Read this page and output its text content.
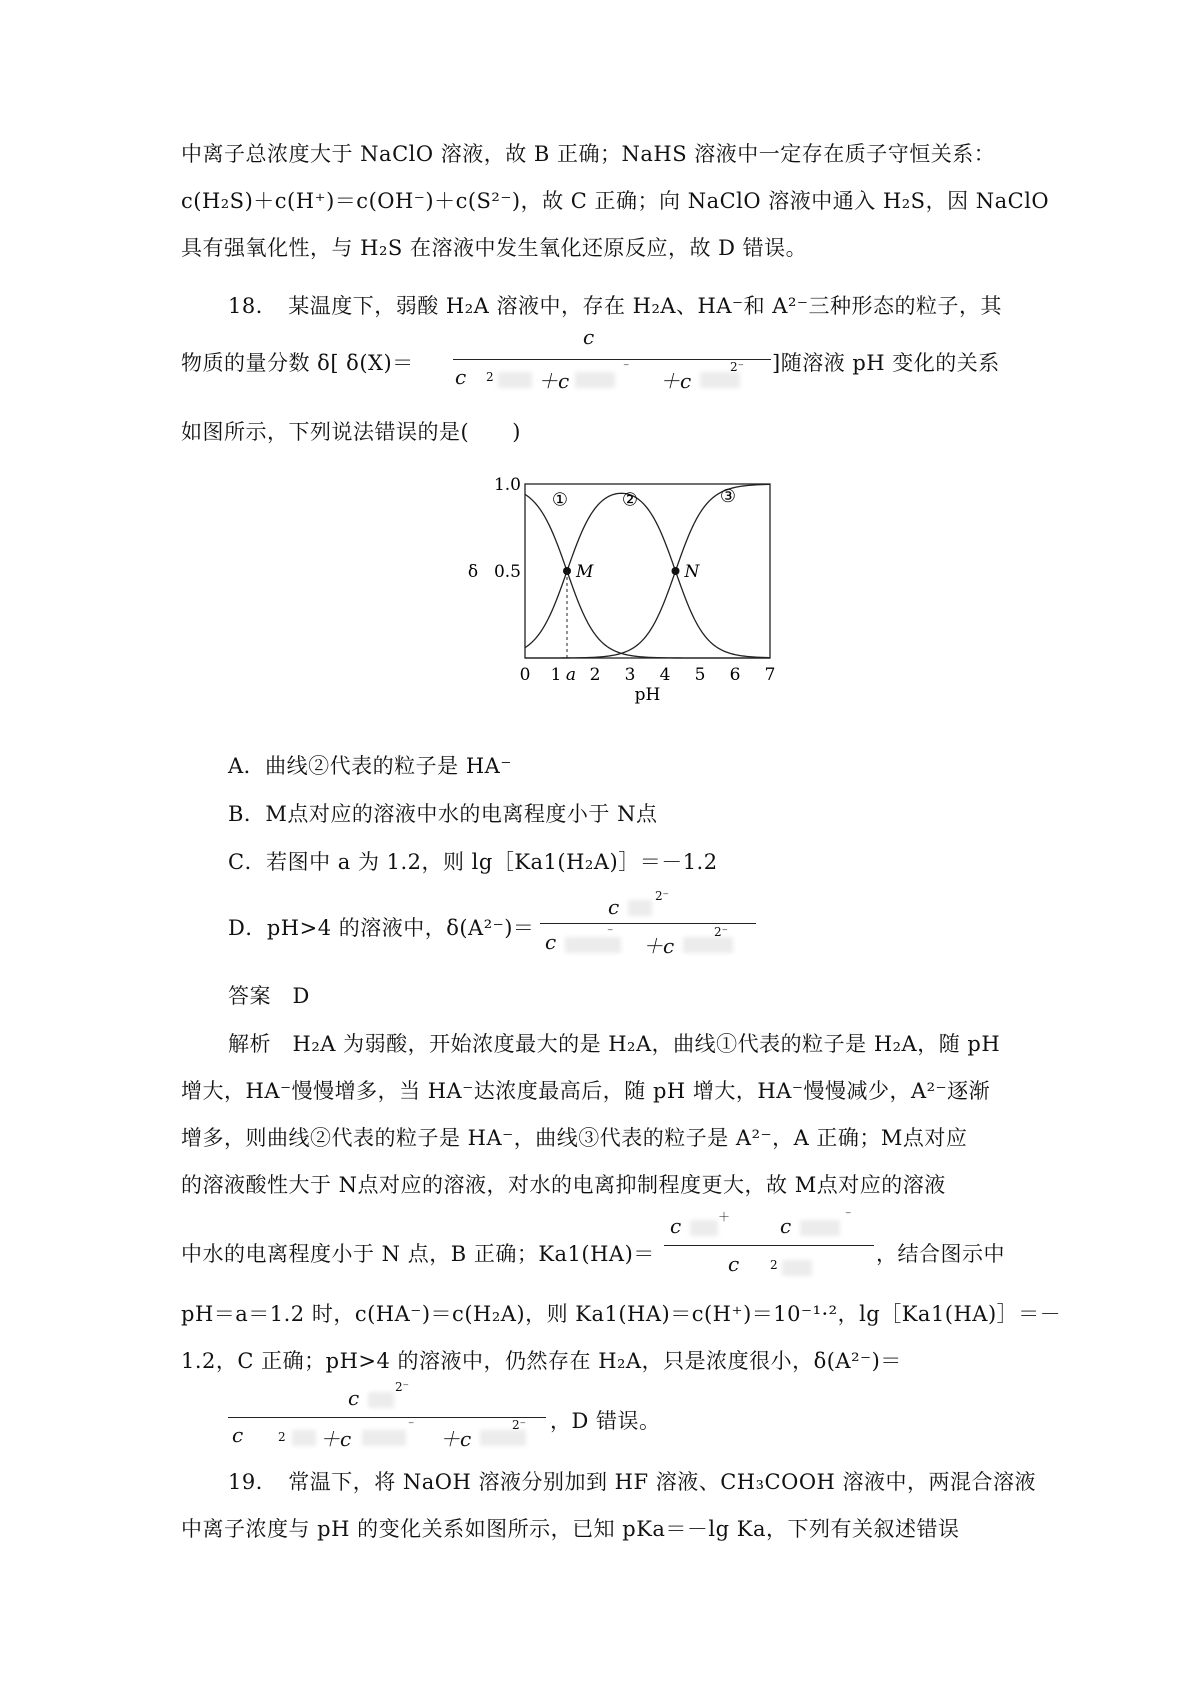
中离子总浓度大于 NaClO 溶液，故 B 正确；NaHS 溶液中一定存在质子守恒关系：
c(H₂S)＋c(H⁺)＝c(OH⁻)＋c(S²⁻)，故 C 正确；向 NaClO 溶液中通入 H₂S，因 NaClO
具有强氧化性，与 H₂S 在溶液中发生氧化还原反应，故 D 错误。
18．　某温度下，弱酸 H₂A 溶液中，存在 H₂A、HA⁻和 A²⁻三种形态的粒子，其
物质的量分数 δ[ δ(X)＝
c
c 2 ＋c
⁻
＋c
2⁻ ]随溶液 pH 变化的关系
如图所示，下列说法错误的是(　　)
①	②	③
M	N
0 1 a 2 3 4 5 6 7
1.0
0.5
pH
δ
A．曲线②代表的粒子是 HA⁻
B．M点对应的溶液中水的电离程度小于 N点
C．若图中 a 为 1.2，则 lg［Ka1(H₂A)］＝－1.2
D．pH>4 的溶液中，δ(A²⁻)＝
c	2⁻
c	⁻
＋c
2⁻
答案　D
解析　H₂A 为弱酸，开始浓度最大的是 H₂A，曲线①代表的粒子是 H₂A，随 pH
增大，HA⁻慢慢增多，当 HA⁻达浓度最高后，随 pH 增大，HA⁻慢慢减少，A²⁻逐渐
增多，则曲线②代表的粒子是 HA⁻，曲线③代表的粒子是 A²⁻，A 正确；M点对应
的溶液酸性大于 N点对应的溶液，对水的电离抑制程度更大，故 M点对应的溶液
中水的电离程度小于 N 点，B 正确；Ka1(HA)＝
c	＋ c	⁻
c	2	，结合图示中
pH＝a＝1.2 时，c(HA⁻)＝c(H₂A)，则 Ka1(HA)＝c(H⁺)＝10⁻¹·²，lg［Ka1(HA)］＝－
1.2，C 正确；pH>4 的溶液中，仍然存在 H₂A，只是浓度很小，δ(A²⁻)＝
c	2⁻
c	2 ＋c
⁻
＋c
2⁻ ，D 错误。
19．　常温下，将 NaOH 溶液分别加到 HF 溶液、CH₃COOH 溶液中，两混合溶液
中离子浓度与 pH 的变化关系如图所示，已知 pKa＝－lg Ka，下列有关叙述错误
